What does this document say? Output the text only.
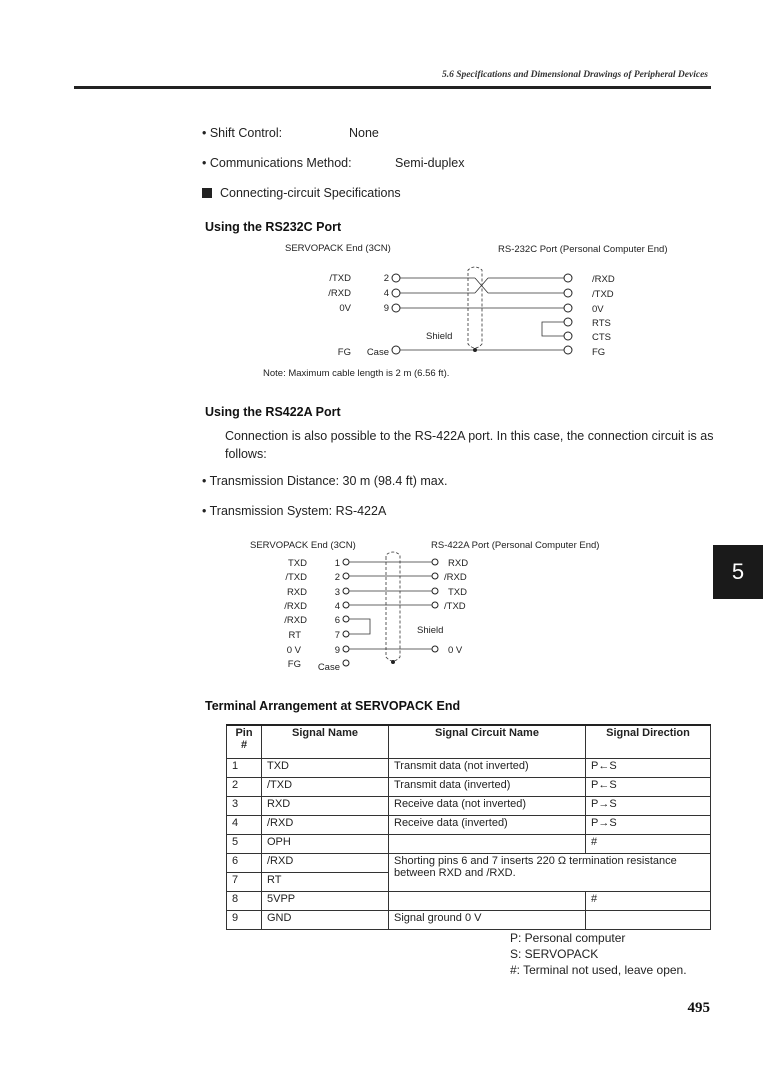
5.6 Specifications and Dimensional Drawings of Peripheral Devices
• Shift Control:	None
• Communications Method:	Semi-duplex
Connecting-circuit Specifications
Using the RS232C Port
SERVOPACK End (3CN)	RS-232C Port (Personal Computer End)
/TXD
/RXD
0V
FG
2
4
9
Case
Shield
/RXD
/TXD
0V
RTS
CTS
FG
Note: Maximum cable length is 2 m (6.56 ft).
Using the RS422A Port
Connection is also possible to the RS-422A port. In this case, the connection circuit is as follows:
• Transmission Distance: 30 m (98.4 ft) max.
• Transmission System: RS-422A
SERVOPACK End (3CN)	RS-422A Port (Personal Computer End)
TXD
/TXD
RXD
/RXD
/RXD
RT
0 V
FG
1
2
3
4
6
7
9
Case
Shield
RXD
/RXD
TXD
/TXD
0 V
5
Terminal Arrangement at SERVOPACK End
Pin #	Signal Name	Signal Circuit Name	Signal Direction
1	TXD	Transmit data (not inverted)	P←S
2	/TXD	Transmit data (inverted)	P←S
3	RXD	Receive data (not inverted)	P→S
4	/RXD	Receive data (inverted)	P→S
5	OPH		#
6	/RXD	Shorting pins 6 and 7 inserts 220 Ω termination resistance between RXD and /RXD.	
7	RT		
8	5VPP		#
9	GND	Signal ground 0 V	
P: Personal computer
S: SERVOPACK
#: Terminal not used, leave open.
495
